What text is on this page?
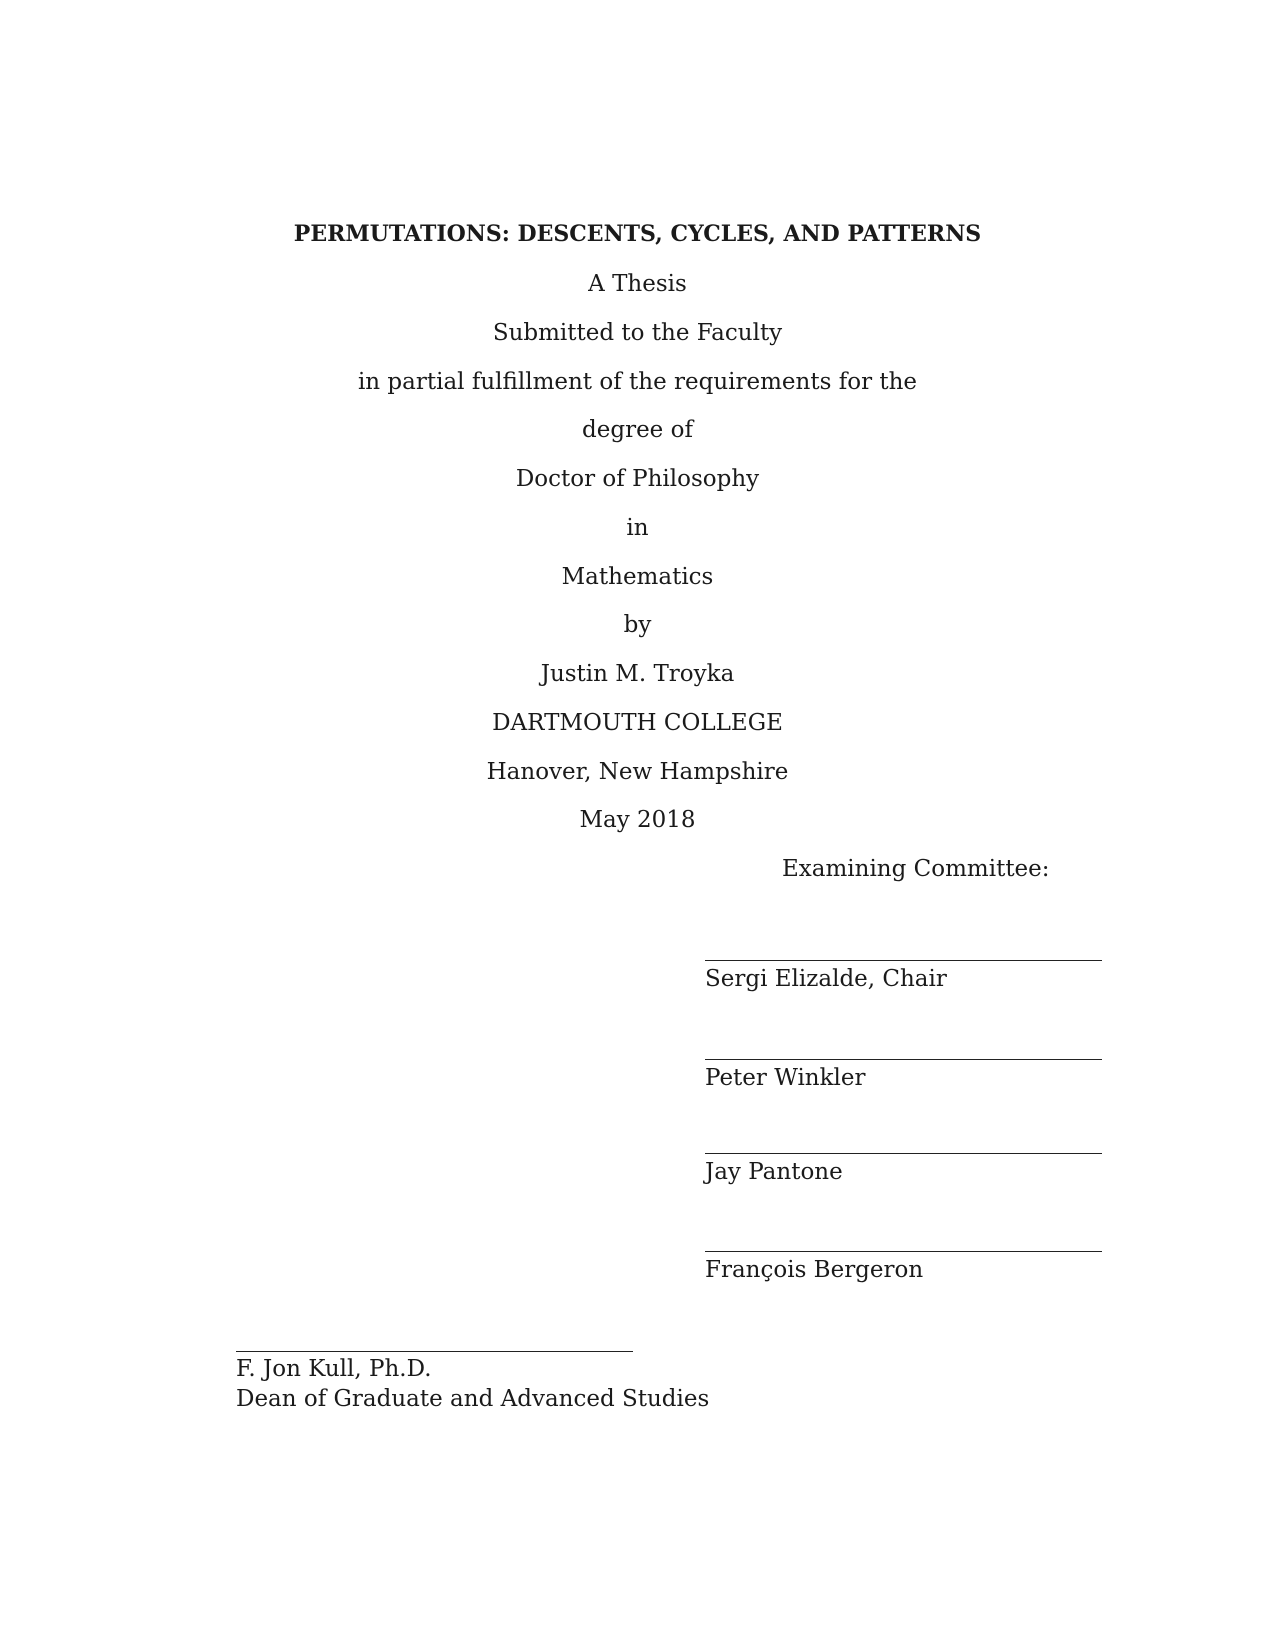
PERMUTATIONS: DESCENTS, CYCLES, AND PATTERNS
A Thesis
Submitted to the Faculty
in partial fulfillment of the requirements for the
degree of
Doctor of Philosophy
in
Mathematics
by
Justin M. Troyka
DARTMOUTH COLLEGE
Hanover, New Hampshire
May 2018
Examining Committee:
Sergi Elizalde, Chair
Peter Winkler
Jay Pantone
François Bergeron
F. Jon Kull, Ph.D.
Dean of Graduate and Advanced Studies
